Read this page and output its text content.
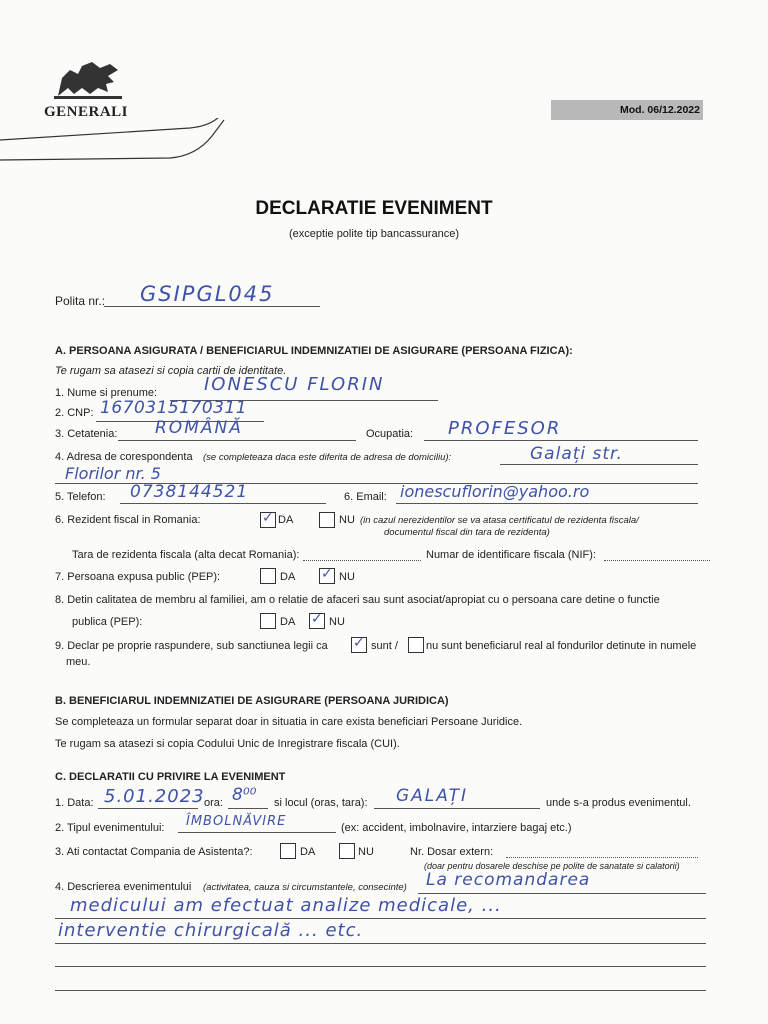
GENERALI	Mod. 06/12.2022
DECLARATIE EVENIMENT
(exceptie polite tip bancassurance)
Polita nr.: GSIPGL045
A. PERSOANA ASIGURATA / BENEFICIARUL INDEMNIZATIEI DE ASIGURARE (PERSOANA FIZICA):
Te rugam sa atasezi si copia cartii de identitate.
1. Nume si prenume:	IONESCU FLORIN
2. CNP: 1670315170311
3. Cetatenia: ROMÂNĂ	Ocupatia: PROFESOR
4. Adresa de corespondenta (se completeaza daca este diferita de adresa de domiciliu):	Galați str.
Florilor nr. 5
5. Telefon: 0738144521	6. Email: ionescuflorin@yahoo.ro
6. Rezident fiscal in Romania:	✓ DA	NU (in cazul nerezidentilor se va atasa certificatul de rezidenta fiscala/
documentul fiscal din tara de rezidenta)
Tara de rezidenta fiscala (alta decat Romania):	Numar de identificare fiscala (NIF):
7. Persoana expusa public (PEP):	DA ✓ NU
8. Detin calitatea de membru al familiei, am o relatie de afaceri sau sunt asociat/apropiat cu o persoana care detine o functie
publica (PEP):	DA ✓ NU
9. Declar pe proprie raspundere, sub sanctiunea legii ca ✓ sunt /	nu sunt beneficiarul real al fondurilor detinute in numele
meu.
B. BENEFICIARUL INDEMNIZATIEI DE ASIGURARE (PERSOANA JURIDICA)
Se completeaza un formular separat doar in situatia in care exista beneficiari Persoane Juridice.
Te rugam sa atasezi si copia Codului Unic de Inregistrare fiscala (CUI).
C. DECLARATII CU PRIVIRE LA EVENIMENT
1. Data: 5.01.2023 ora: 8⁰⁰ si locul (oras, tara): GALAȚI	unde s-a produs evenimentul.
2. Tipul evenimentului: ÎMBOLNĂVIRE	(ex: accident, imbolnavire, intarziere bagaj etc.)
3. Ati contactat Compania de Asistenta?:	DA	NU	Nr. Dosar extern:
(doar pentru dosarele deschise pe polite de sanatate si calatorii)
4. Descrierea evenimentului (activitatea, cauza si circumstantele, consecinte) La recomandarea
medicului am efectuat analize medicale, ...
interventie chirurgicală ... etc.
